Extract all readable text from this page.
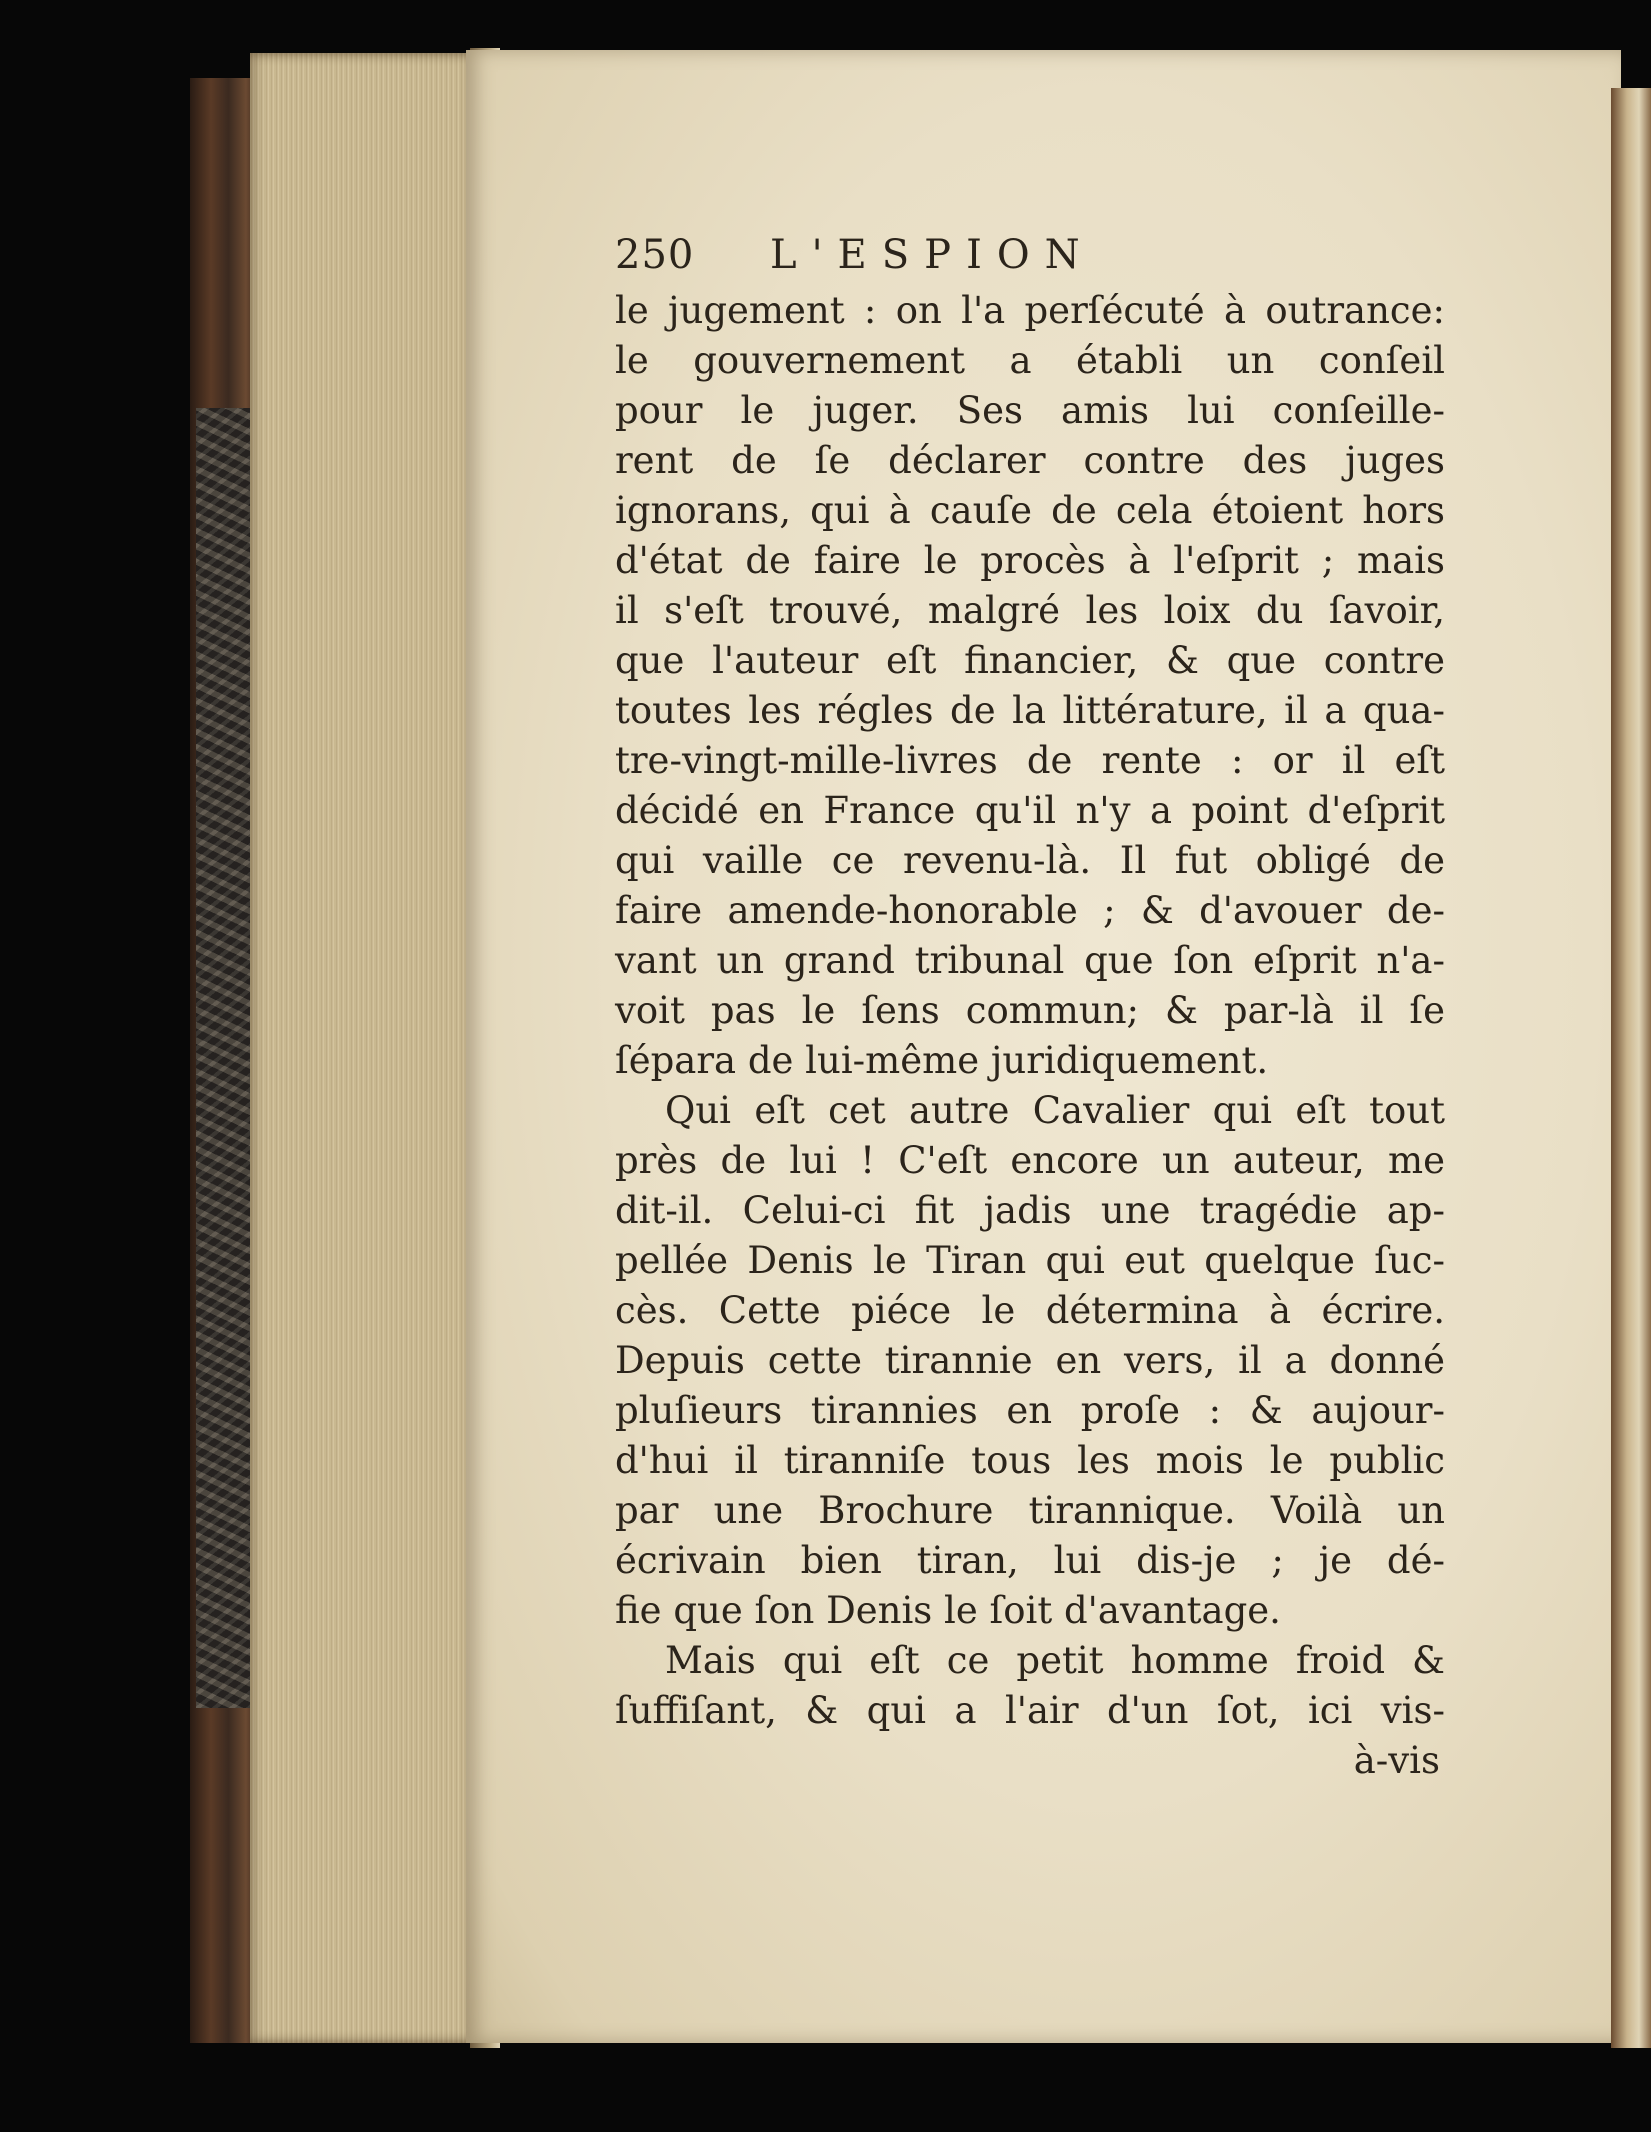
250 L'ESPION
le jugement : on l'a perſécuté à outrance:
le gouvernement a établi un conſeil
pour le juger. Ses amis lui conſeille-
rent de ſe déclarer contre des juges
ignorans, qui à cauſe de cela étoient hors
d'état de faire le procès à l'eſprit ; mais
il s'eſt trouvé, malgré les loix du ſavoir,
que l'auteur eſt financier, & que contre
toutes les régles de la littérature, il a qua-
tre-vingt-mille-livres de rente : or il eſt
décidé en France qu'il n'y a point d'eſprit
qui vaille ce revenu-là. Il fut obligé de
faire amende-honorable ; & d'avouer de-
vant un grand tribunal que ſon eſprit n'a-
voit pas le ſens commun; & par-là il ſe
ſépara de lui-même juridiquement.
Qui eſt cet autre Cavalier qui eſt tout
près de lui ! C'eſt encore un auteur, me
dit-il. Celui-ci fit jadis une tragédie ap-
pellée Denis le Tiran qui eut quelque ſuc-
cès. Cette piéce le détermina à écrire.
Depuis cette tirannie en vers, il a donné
pluſieurs tirannies en proſe : & aujour-
d'hui il tiranniſe tous les mois le public
par une Brochure tirannique. Voilà un
écrivain bien tiran, lui dis-je ; je dé-
fie que ſon Denis le ſoit d'avantage.
Mais qui eſt ce petit homme froid &
ſuffiſant, & qui a l'air d'un ſot, ici vis-
à-vis
